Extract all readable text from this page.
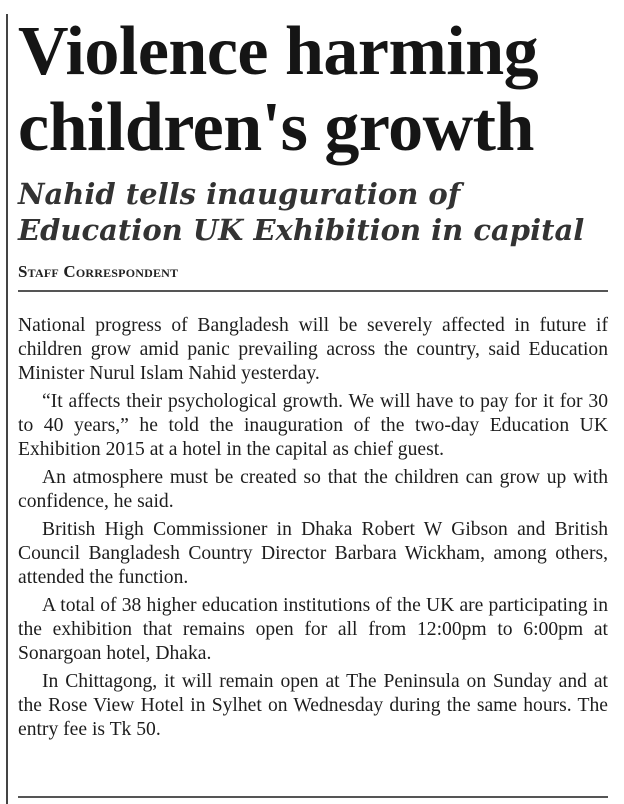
Violence harming children's growth
Nahid tells inauguration of Education UK Exhibition in capital
Staff Correspondent

National progress of Bangladesh will be severely affected in future if children grow amid panic prevailing across the country, said Education Minister Nurul Islam Nahid yesterday.

“It affects their psychological growth. We will have to pay for it for 30 to 40 years,” he told the inauguration of the two-day Education UK Exhibition 2015 at a hotel in the capital as chief guest.

An atmosphere must be created so that the children can grow up with confidence, he said.

British High Commissioner in Dhaka Robert W Gibson and British Council Bangladesh Country Director Barbara Wickham, among others, attended the function.

A total of 38 higher education institutions of the UK are participating in the exhibition that remains open for all from 12:00pm to 6:00pm at Sonargoan hotel, Dhaka.

In Chittagong, it will remain open at The Peninsula on Sunday and at the Rose View Hotel in Sylhet on Wednesday during the same hours. The entry fee is Tk 50.
